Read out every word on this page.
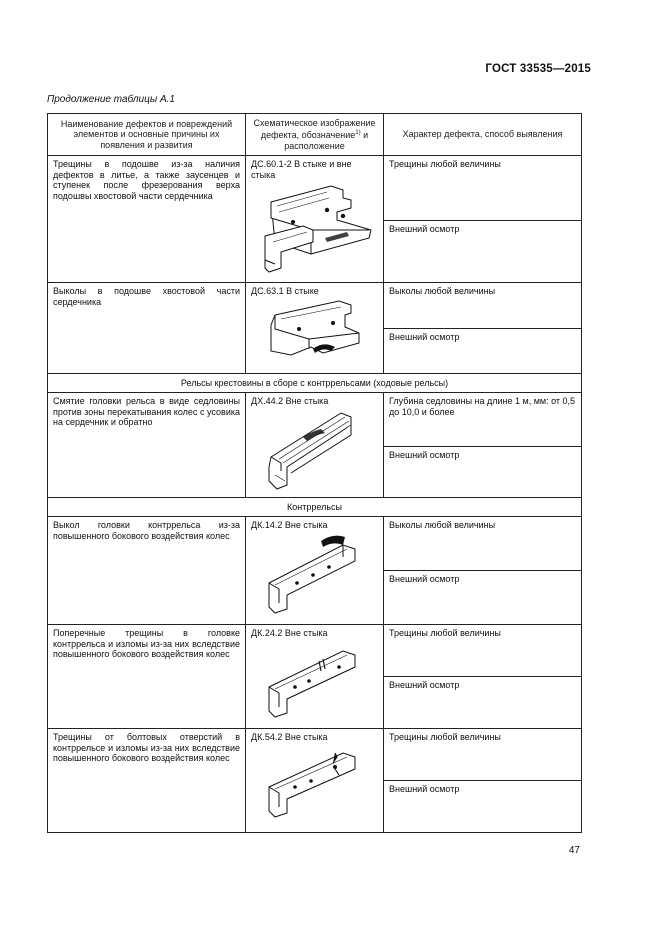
ГОСТ 33535—2015
Продолжение таблицы А.1
Наименование дефектов и повреждений элементов и основные причины их появления и развития	Схематическое изображение дефекта, обозначение$^{1)}$ и расположение	Характер дефекта, способ выявления
Трещины в подошве из-за наличия дефектов в литье, а также заусенцев и ступенек после фрезерования верха подошвы хвостовой части сердечника	ДС.60.1-2 В стыке и вне стыка	Трещины любой величины
		Внешний осмотр
Выколы в подошве хвостовой части сердечника	ДС.63.1 В стыке	Выколы любой величины
		Внешний осмотр
Рельсы крестовины в сборе с контррельсами (ходовые рельсы)		
Смятие головки рельса в виде седловины против зоны перекатывания колес с усовика на сердечник и обратно	ДХ.44.2 Вне стыка	Глубина седловины на длине 1 м, мм: от 0,5 до 10,0 и более
		Внешний осмотр
Контррельсы		
Выкол головки контррельса из-за повышенного бокового воздействия колес	ДК.14.2 Вне стыка	Выколы любой величины
		Внешний осмотр
Поперечные трещины в головке контррельса и изломы из-за них вследствие повышенного бокового воздействия колес	ДК.24.2 Вне стыка	Трещины любой величины
		Внешний осмотр
Трещины от болтовых отверстий в контррельсе и изломы из-за них вследствие повышенного бокового воздействия колес	ДК.54.2 Вне стыка	Трещины любой величины
		Внешний осмотр
47
